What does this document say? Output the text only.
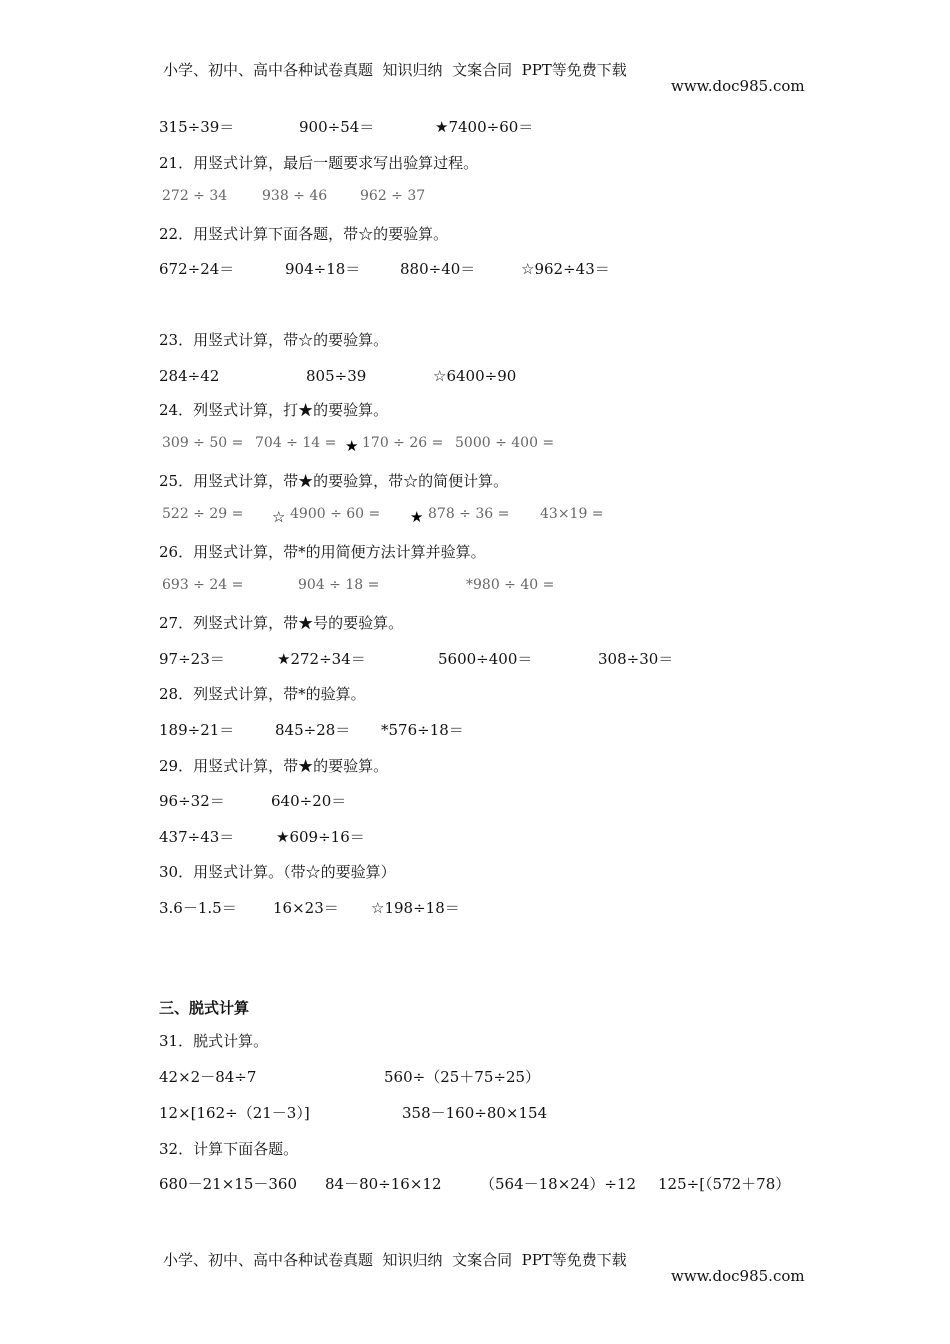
小学、初中、高中各种试卷真题  知识归纳  文案合同  PPT等免费下载

www.doc985.com

315÷39＝	900÷54＝	★7400÷60＝
21．用竖式计算，最后一题要求写出验算过程。
272 ÷ 34 938 ÷ 46 962 ÷ 37
22．用竖式计算下面各题，带☆的要验算。
672÷24＝	904÷18＝	880÷40＝	☆962÷43＝
23．用竖式计算，带☆的要验算。
284÷42	805÷39	☆6400÷90
24．列竖式计算，打★的要验算。
309 ÷ 50 = 704 ÷ 14 = ★ 170 ÷ 26 = 5000 ÷ 400 =
25．用竖式计算，带★的要验算，带☆的简便计算。
522 ÷ 29 = ☆ 4900 ÷ 60 = ★ 878 ÷ 36 = 43×19 =
26．用竖式计算，带*的用简便方法计算并验算。
693 ÷ 24 =	904 ÷ 18 =	*980 ÷ 40 =
27．列竖式计算，带★号的要验算。
97÷23＝	★272÷34＝	5600÷400＝	308÷30＝
28．列竖式计算，带*的验算。
189÷21＝	845÷28＝ *576÷18＝
29．用竖式计算，带★的要验算。
96÷32＝	640÷20＝
437÷43＝	★609÷16＝
30．用竖式计算。（带☆的要验算）
3.6－1.5＝ 16×23＝ ☆198÷18＝
三、脱式计算
31．脱式计算。
42×2－84÷7	560÷（25＋75÷25）
12×[162÷（21－3）]	358－160÷80×154
32．计算下面各题。
680－21×15－360 84－80÷16×12	（564－18×24）÷12 125÷[（572＋78）

小学、初中、高中各种试卷真题  知识归纳  文案合同  PPT等免费下载

www.doc985.com
